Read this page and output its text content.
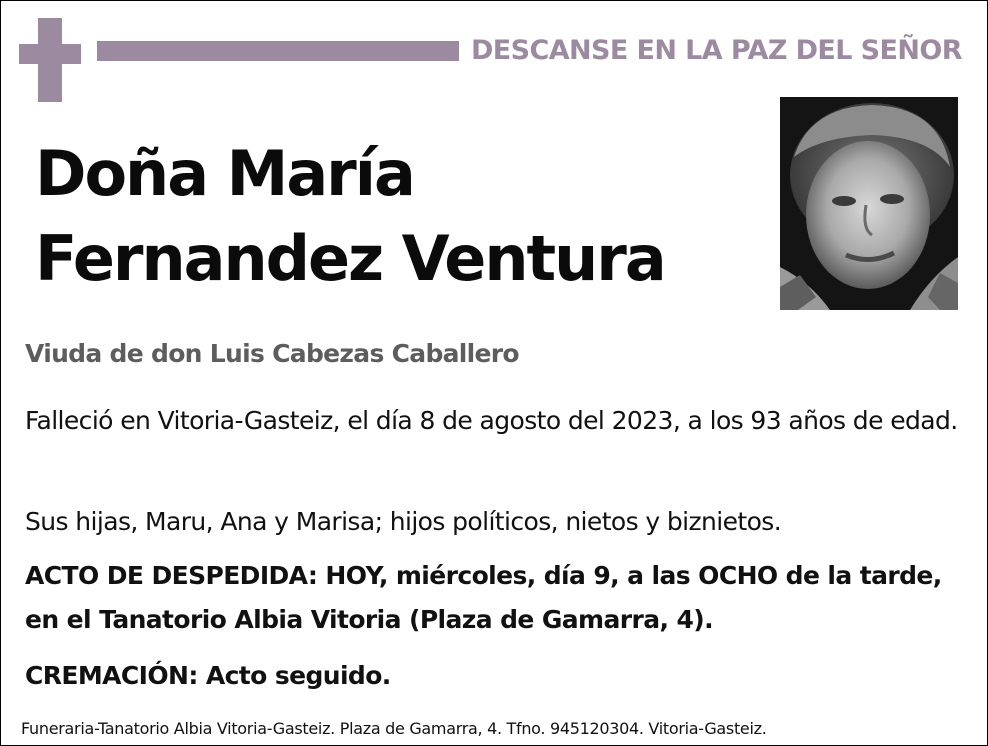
DESCANSE EN LA PAZ DEL SEÑOR
Doña María
Fernandez Ventura
Viuda de don Luis Cabezas Caballero
Falleció en Vitoria-Gasteiz, el día 8 de agosto del 2023, a los 93 años de edad.
Sus hijas, Maru, Ana y Marisa; hijos políticos, nietos y biznietos.
ACTO DE DESPEDIDA: HOY, miércoles, día 9, a las OCHO de la tarde, en el Tanatorio Albia Vitoria (Plaza de Gamarra, 4).
CREMACIÓN: Acto seguido.
Funeraria-Tanatorio Albia Vitoria-Gasteiz. Plaza de Gamarra, 4. Tfno. 945120304. Vitoria-Gasteiz.
